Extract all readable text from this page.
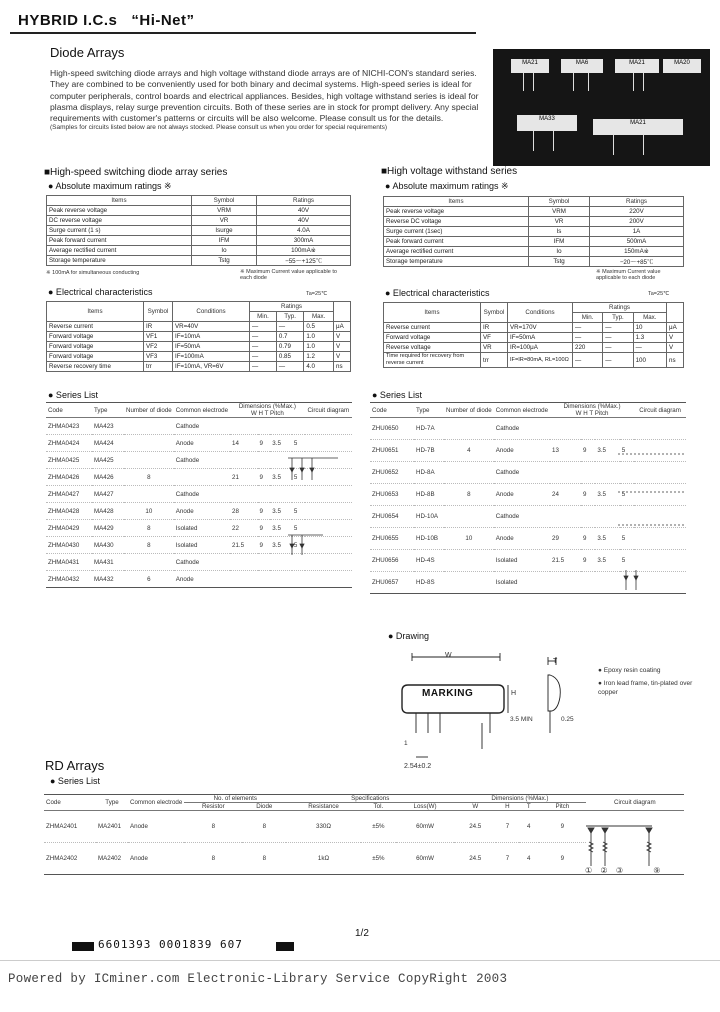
HYBRID I.C.s “Hi-Net”
Diode Arrays
High-speed switching diode arrays and high voltage withstand diode arrays are of NICHI-CON's standard series. They are combined to be conveniently used for both binary and decimal systems. High-speed series is ideal for computer peripherals, control boards and electrical appliances. Besides, high voltage withstand series is ideal for plasma displays, relay surge prevention circuits. Both of these series are in stock for prompt delivery. Any special requirements with customer's patterns or circuits will be also welcome. Please consult us for the details.
(Samples for circuits listed below are not always stocked. Please consult us when you order for special requirements)
MA21	MA6	MA21	MA20
MA33
MA21
■High-speed switching diode array series
● Absolute maximum ratings ※
Items	Symbol	Ratings
Peak reverse voltage	VRM	40V
DC reverse voltage	VR	40V
Surge current (1 s)	Isurge	4.0A
Peak forward current	IFM	300mA
Average rectified current	Io	100mA※
Storage temperature	Tstg	−55～+125℃
※ 100mA for simultaneous conducting	※ Maximum Current value applicable to each diode
Ta=25℃
● Electrical characteristics
Items	Symbol	Conditions	Ratings			
			Min.	Typ.	Max.	
Reverse current	IR	VR=40V	—	—	0.5	μA
Forward voltage	VF1	IF=10mA	—	0.7	1.0	V
Forward voltage	VF2	IF=50mA	—	0.79	1.0	V
Forward voltage	VF3	IF=100mA	—	0.85	1.2	V
Reverse recovery time	trr	IF=10mA, VR=6V	—	—	4.0	ns
● Series List
Code	Type	Number of diode	Common electrode	Dimensions (%Max.)
W H T Pitch				Circuit diagram
ZHMA0423	MA423		Cathode					
ZHMA0424	MA424		Anode	14	9	3.5	5	
ZHMA0425	MA425		Cathode					
ZHMA0426	MA426	8		21	9	3.5	5	
ZHMA0427	MA427		Cathode					
ZHMA0428	MA428	10	Anode	28	9	3.5	5	
ZHMA0429	MA429	8	Isolated	22	9	3.5	5	
ZHMA0430	MA430	8	Isolated	21.5	9	3.5	5	
ZHMA0431	MA431		Cathode					
ZHMA0432	MA432	6	Anode					
■High voltage withstand series
● Absolute maximum ratings ※
Items	Symbol	Ratings
Peak reverse voltage	VRM	220V
Reverse DC voltage	VR	200V
Surge current (1sec)	Is	1A
Peak forward current	IFM	500mA
Average rectified current	Io	150mA※
Storage temperature	Tstg	−20～+85℃
※ Maximum Current value applicable to each diode
Ta=25℃
● Electrical characteristics
Items	Symbol	Conditions	Ratings			
			Min.	Typ.	Max.	
Reverse current	IR	VR=170V	—	—	10	μA
Forward voltage	VF	IF=50mA	—	—	1.3	V
Reverse voltage	VR	IR=100μA	220	—	—	V
Time required for recovery from reverse current	trr	IF=IR=80mA, RL=100Ω	—	—	100	ns
● Series List
Code	Type	Number of diode	Common electrode	Dimensions (%Max.)
W H T Pitch				Circuit diagram
ZHU0650	HD-7A		Cathode					
ZHU0651	HD-7B	4	Anode	13	9	3.5	5	
ZHU0652	HD-8A		Cathode					
ZHU0653	HD-8B	8	Anode	24	9	3.5	5	
ZHU0654	HD-10A		Cathode					
ZHU0655	HD-10B	10	Anode	29	9	3.5	5	
ZHU0656	HD-4S		Isolated	21.5	9	3.5	5	
ZHU0657	HD-8S		Isolated					
● Drawing
MARKING
W
H
T
3.5 MIN	0.25
1
2.54±0.2
● Epoxy resin coating
● Iron lead frame, tin-plated over copper
RD Arrays
● Series List
Code	Type	Common electrode	No. of elements		Specifications			Dimensions (%Max.)				Circuit diagram
			Resistor	Diode	Resistance	Tol.	Loss(W)	W	H	T	Pitch	
ZHMA2401	MA2401	Anode	8	8	330Ω	±5%	60mW	24.5	7	4	9	
ZHMA2402	MA2402	Anode	8	8	1kΩ	±5%	60mW	24.5	7	4	9	
① ② ③	⑨
6601393 0001839 607
1/2
Powered by ICminer.com Electronic-Library Service CopyRight 2003
